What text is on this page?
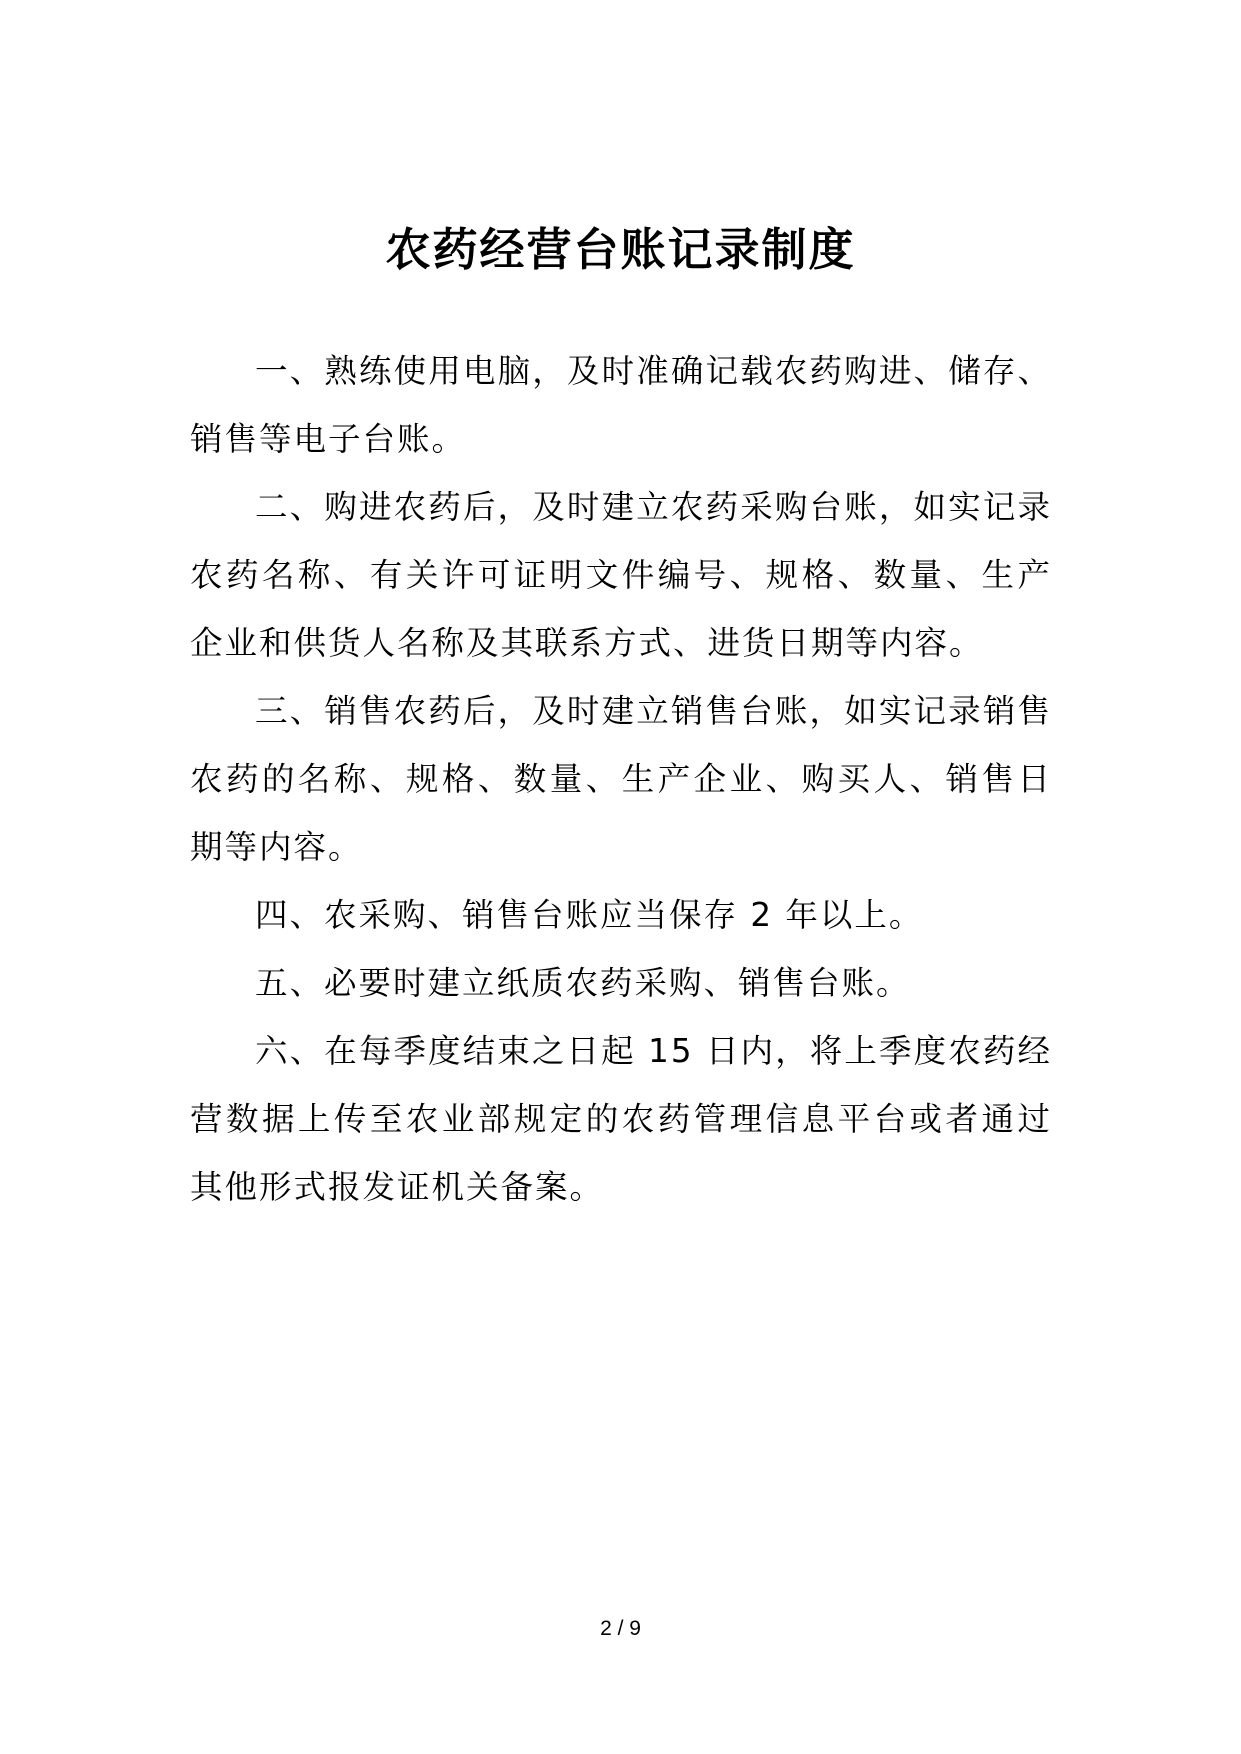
农药经营台账记录制度

一、熟练使用电脑，及时准确记载农药购进、储存、销售等电子台账。

二、购进农药后，及时建立农药采购台账，如实记录农药名称、有关许可证明文件编号、规格、数量、生产企业和供货人名称及其联系方式、进货日期等内容。

三、销售农药后，及时建立销售台账，如实记录销售农药的名称、规格、数量、生产企业、购买人、销售日期等内容。

四、农采购、销售台账应当保存 2 年以上。

五、必要时建立纸质农药采购、销售台账。

六、在每季度结束之日起 15 日内，将上季度农药经营数据上传至农业部规定的农药管理信息平台或者通过其他形式报发证机关备案。

2 / 9
